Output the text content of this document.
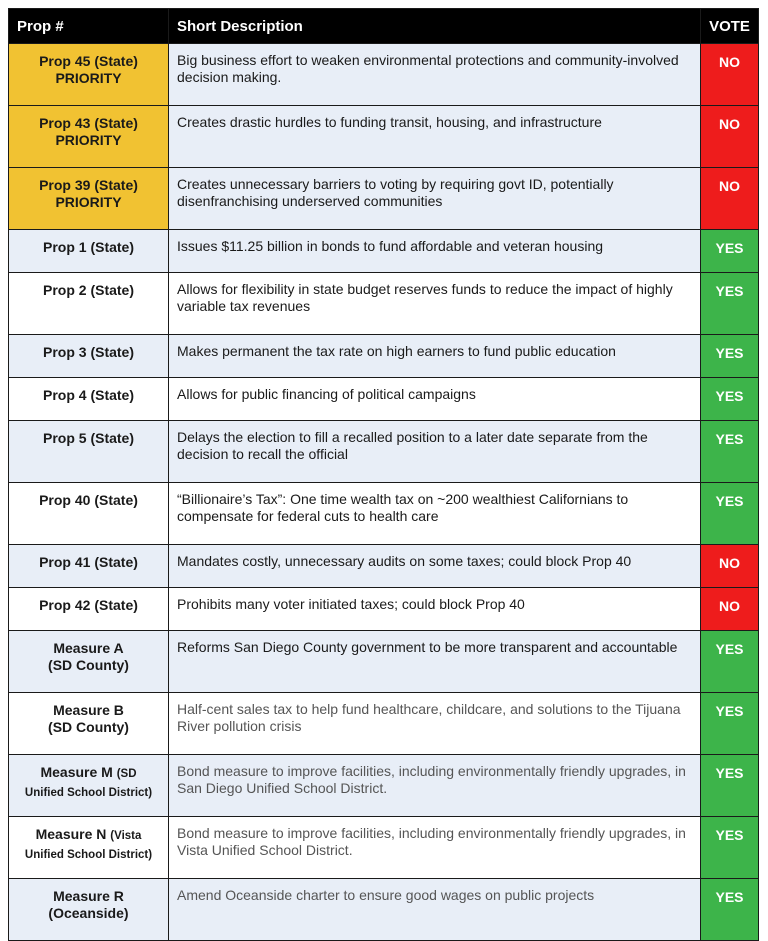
Prop #	Short Description	VOTE
Prop 45 (State)
PRIORITY	Big business effort to weaken environmental protections and community-involved decision making.	NO
Prop 43 (State)
PRIORITY	Creates drastic hurdles to funding transit, housing, and infrastructure	NO
Prop 39 (State)
PRIORITY	Creates unnecessary barriers to voting by requiring govt ID, potentially disenfranchising underserved communities	NO
Prop 1 (State)	Issues $11.25 billion in bonds to fund affordable and veteran housing	YES
Prop 2 (State)	Allows for flexibility in state budget reserves funds to reduce the impact of highly variable tax revenues	YES
Prop 3 (State)	Makes permanent the tax rate on high earners to fund public education	YES
Prop 4 (State)	Allows for public financing of political campaigns	YES
Prop 5 (State)	Delays the election to fill a recalled position to a later date separate from the decision to recall the official	YES
Prop 40 (State)	“Billionaire’s Tax”: One time wealth tax on ~200 wealthiest Californians to compensate for federal cuts to health care	YES
Prop 41 (State)	Mandates costly, unnecessary audits on some taxes; could block Prop 40	NO
Prop 42 (State)	Prohibits many voter initiated taxes; could block Prop 40	NO
Measure A
(SD County)	Reforms San Diego County government to be more transparent and accountable	YES
Measure B
(SD County)	Half-cent sales tax to help fund healthcare, childcare, and solutions to the Tijuana River pollution crisis	YES
Measure M (SD
Unified School District)	Bond measure to improve facilities, including environmentally friendly upgrades, in San Diego Unified School District.	YES
Measure N (Vista
Unified School District)	Bond measure to improve facilities, including environmentally friendly upgrades, in Vista Unified School District.	YES
Measure R
(Oceanside)	Amend Oceanside charter to ensure good wages on public projects	YES
